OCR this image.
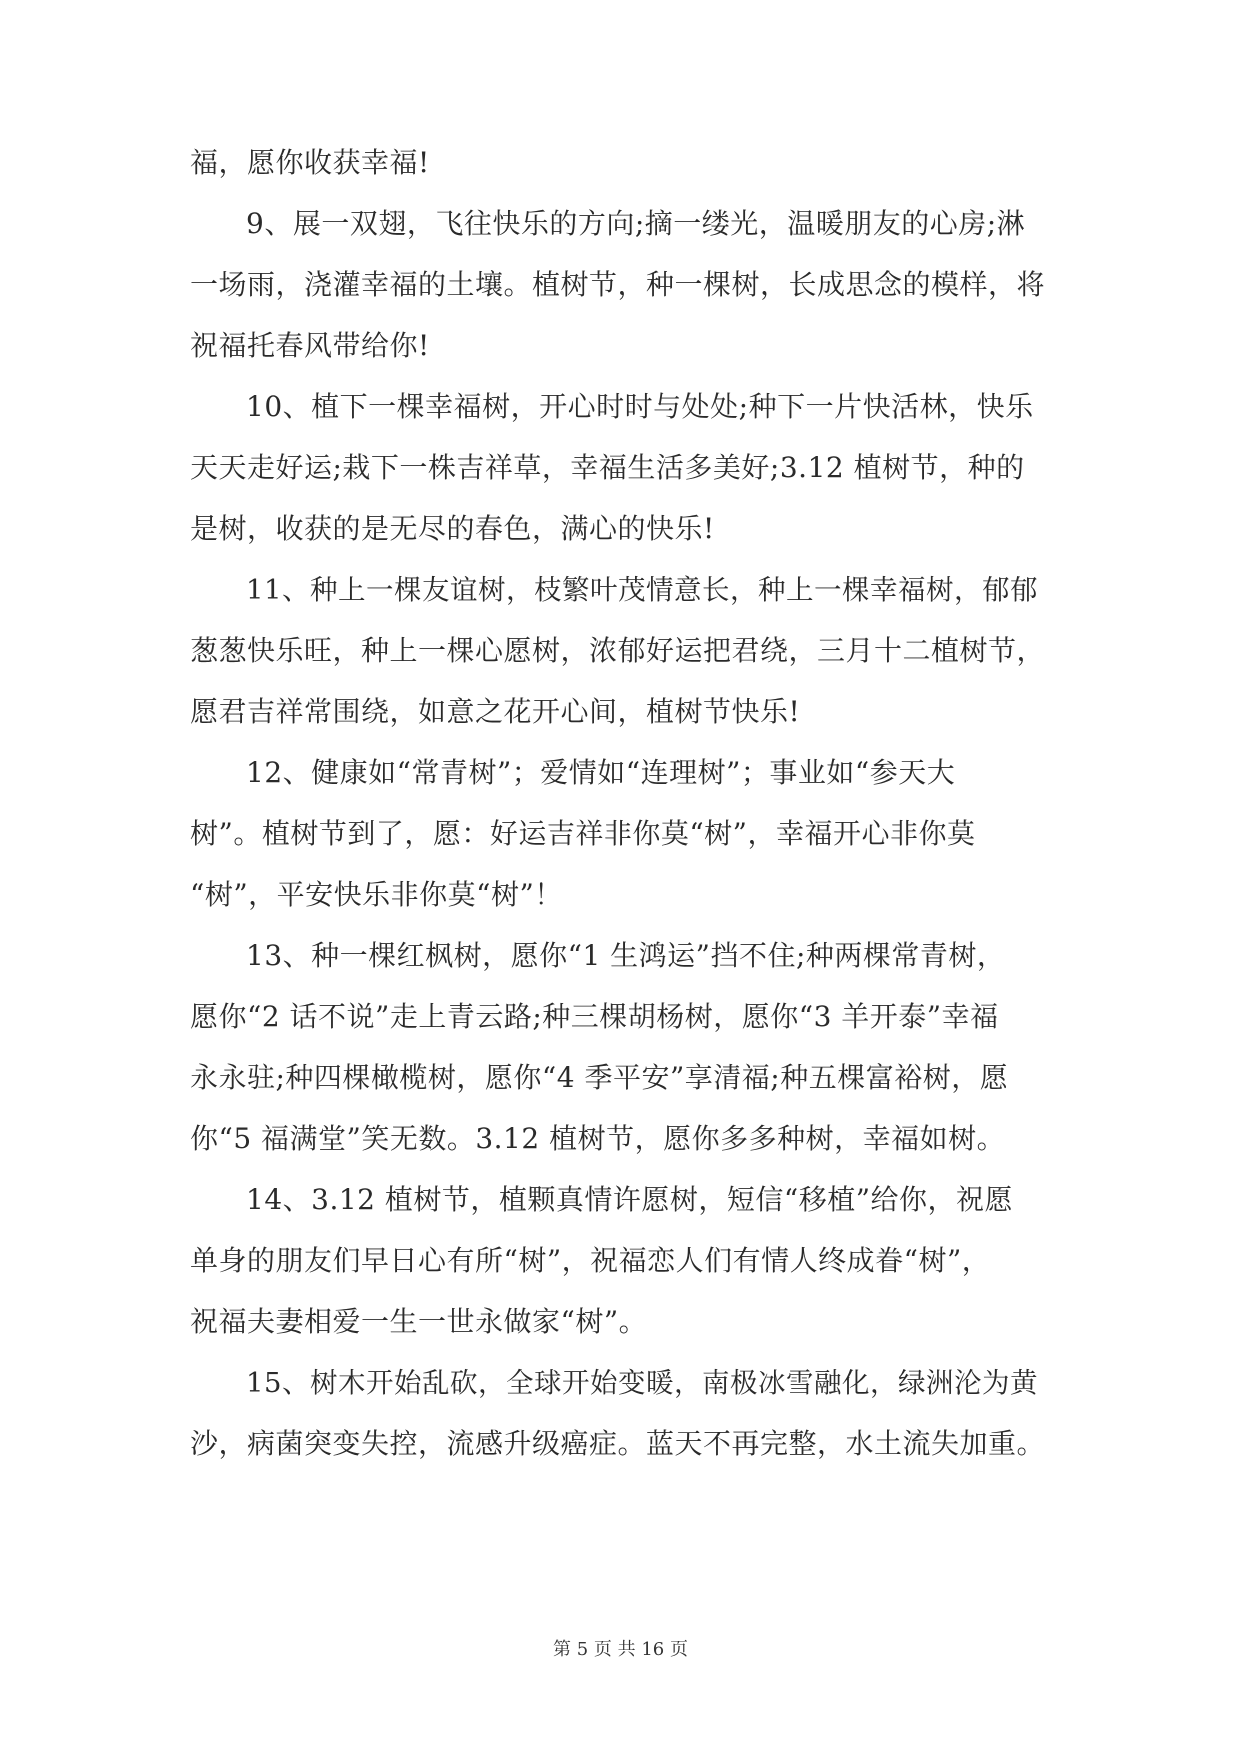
福，愿你收获幸福!
9、展一双翅，飞往快乐的方向;摘一缕光，温暖朋友的心房;淋
一场雨，浇灌幸福的土壤。植树节，种一棵树，长成思念的模样，将
祝福托春风带给你!
10、植下一棵幸福树，开心时时与处处;种下一片快活林，快乐
天天走好运;栽下一株吉祥草，幸福生活多美好;3.12 植树节，种的
是树，收获的是无尽的春色，满心的快乐!
11、种上一棵友谊树，枝繁叶茂情意长，种上一棵幸福树，郁郁
葱葱快乐旺，种上一棵心愿树，浓郁好运把君绕，三月十二植树节，
愿君吉祥常围绕，如意之花开心间，植树节快乐!
12、健康如“常青树”；爱情如“连理树”；事业如“参天大
树”。植树节到了，愿：好运吉祥非你莫“树”，幸福开心非你莫
“树”，平安快乐非你莫“树”！
13、种一棵红枫树，愿你“1 生鸿运”挡不住;种两棵常青树，
愿你“2 话不说”走上青云路;种三棵胡杨树，愿你“3 羊开泰”幸福
永永驻;种四棵橄榄树，愿你“4 季平安”享清福;种五棵富裕树，愿
你“5 福满堂”笑无数。3.12 植树节，愿你多多种树，幸福如树。
14、3.12 植树节，植颗真情许愿树，短信“移植”给你，祝愿
单身的朋友们早日心有所“树”，祝福恋人们有情人终成眷“树”，
祝福夫妻相爱一生一世永做家“树”。
15、树木开始乱砍，全球开始变暖，南极冰雪融化，绿洲沦为黄
沙，病菌突变失控，流感升级癌症。蓝天不再完整，水土流失加重。
第 5 页 共 16 页
